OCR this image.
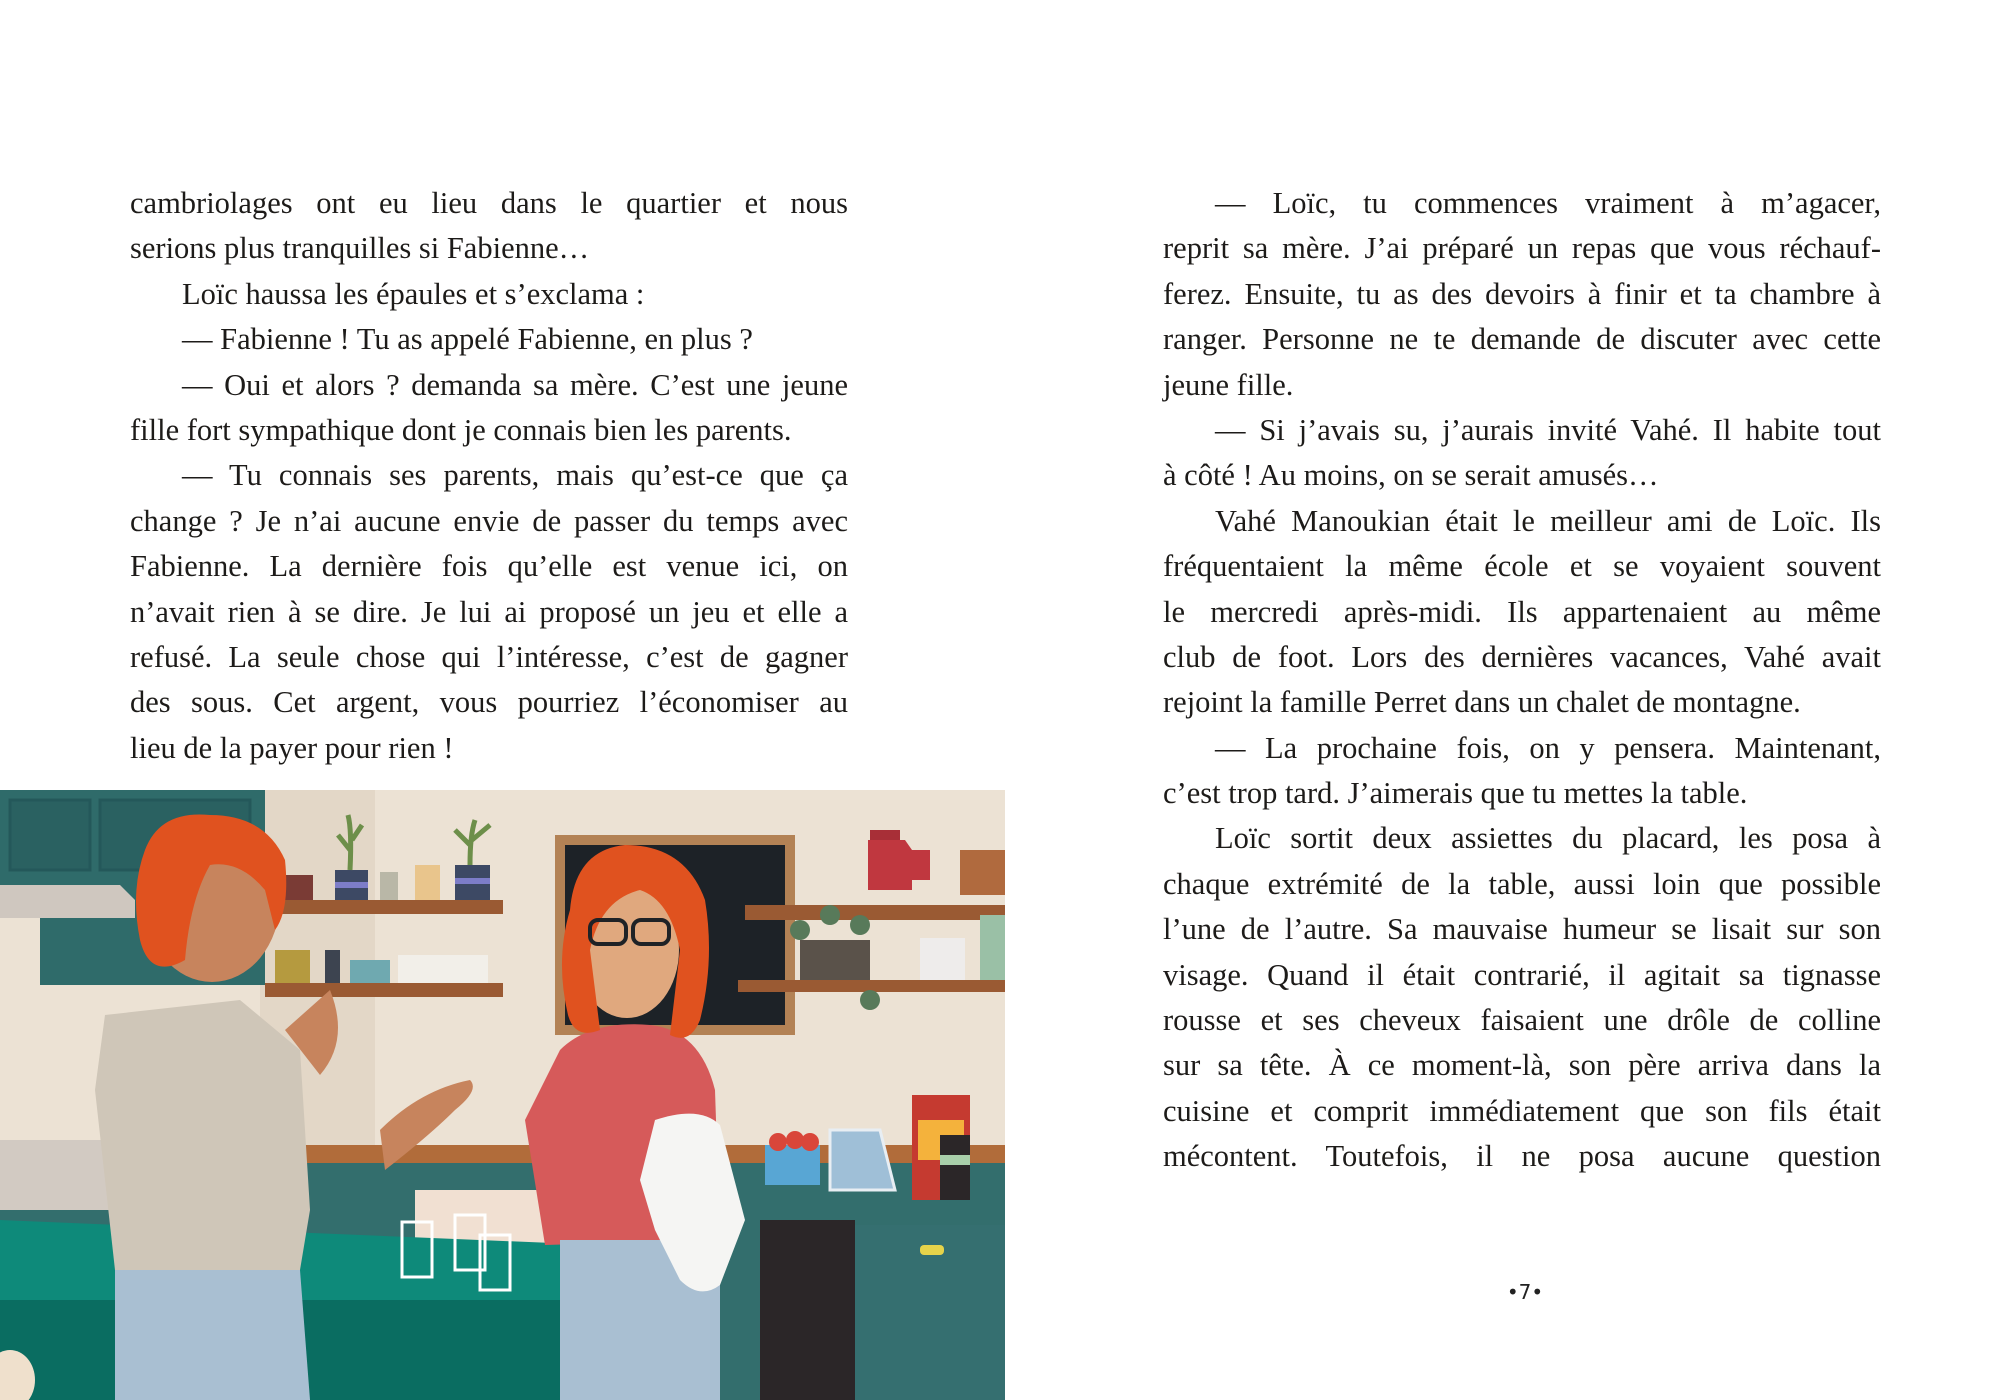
cambriolages ont eu lieu dans le quartier et nous
serions plus tranquilles si Fabienne…
Loïc haussa les épaules et s’exclama :
— Fabienne ! Tu as appelé Fabienne, en plus ?
— Oui et alors ? demanda sa mère. C’est une jeune
fille fort sympathique dont je connais bien les parents.
— Tu connais ses parents, mais qu’est-ce que ça
change ? Je n’ai aucune envie de passer du temps avec
Fabienne. La dernière fois qu’elle est venue ici, on
n’avait rien à se dire. Je lui ai proposé un jeu et elle a
refusé. La seule chose qui l’intéresse, c’est de gagner
des sous. Cet argent, vous pourriez l’économiser au
lieu de la payer pour rien !
— Loïc, tu commences vraiment à m’agacer,
reprit sa mère. J’ai préparé un repas que vous réchauf-
ferez. Ensuite, tu as des devoirs à finir et ta chambre à
ranger. Personne ne te demande de discuter avec cette
jeune fille.
— Si j’avais su, j’aurais invité Vahé. Il habite tout
à côté ! Au moins, on se serait amusés…
Vahé Manoukian était le meilleur ami de Loïc. Ils
fréquentaient la même école et se voyaient souvent
le mercredi après-midi. Ils appartenaient au même
club de foot. Lors des dernières vacances, Vahé avait
rejoint la famille Perret dans un chalet de montagne.
— La prochaine fois, on y pensera. Maintenant,
c’est trop tard. J’aimerais que tu mettes la table.
Loïc sortit deux assiettes du placard, les posa à
chaque extrémité de la table, aussi loin que possible
l’une de l’autre. Sa mauvaise humeur se lisait sur son
visage. Quand il était contrarié, il agitait sa tignasse
rousse et ses cheveux faisaient une drôle de colline
sur sa tête. À ce moment-là, son père arriva dans la
cuisine et comprit immédiatement que son fils était
mécontent. Toutefois, il ne posa aucune question
•7•
